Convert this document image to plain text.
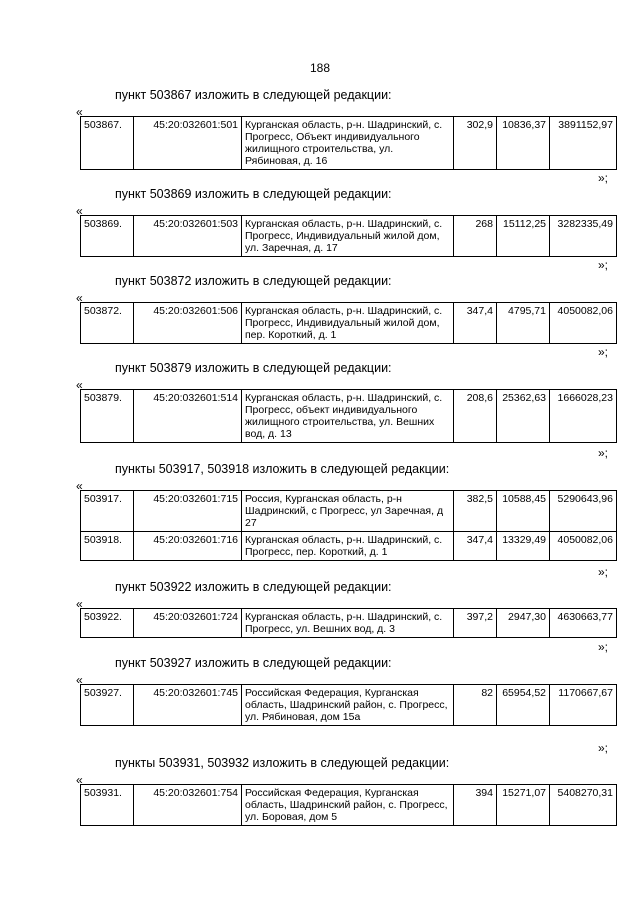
188
пункт 503867 изложить в следующей редакции:
«
503867.	45:20:032601:501	Курганская область, р-н. Шадринский, с. Прогресс, Объект индивидуального жилищного строительства, ул. Рябиновая, д. 16	302,9	10836,37	3891152,97
»;
пункт 503869 изложить в следующей редакции:
«
503869.	45:20:032601:503	Курганская область, р-н. Шадринский, с. Прогресс, Индивидуальный жилой дом, ул. Заречная, д. 17	268	15112,25	3282335,49
»;
пункт 503872 изложить в следующей редакции:
«
503872.	45:20:032601:506	Курганская область, р-н. Шадринский, с. Прогресс, Индивидуальный жилой дом, пер. Короткий, д. 1	347,4	4795,71	4050082,06
»;
пункт 503879 изложить в следующей редакции:
«
503879.	45:20:032601:514	Курганская область, р-н. Шадринский, с. Прогресс, объект индивидуального жилищного строительства, ул. Вешних вод, д. 13	208,6	25362,63	1666028,23
»;
пункты 503917, 503918 изложить в следующей редакции:
«
503917.	45:20:032601:715	Россия, Курганская область, р-н Шадринский, с Прогресс, ул Заречная, д 27	382,5	10588,45	5290643,96
503918.	45:20:032601:716	Курганская область, р-н. Шадринский, с. Прогресс, пер. Короткий, д. 1	347,4	13329,49	4050082,06
»;
пункт 503922 изложить в следующей редакции:
«
503922.	45:20:032601:724	Курганская область, р-н. Шадринский, с. Прогресс, ул. Вешних вод, д. 3	397,2	2947,30	4630663,77
»;
пункт 503927 изложить в следующей редакции:
«
503927.	45:20:032601:745	Российская Федерация, Курганская область, Шадринский район, с. Прогресс, ул. Рябиновая, дом 15а	82	65954,52	1170667,67
»;
пункты 503931, 503932 изложить в следующей редакции:
«
503931.	45:20:032601:754	Российская Федерация, Курганская область, Шадринский район, с. Прогресс, ул. Боровая, дом 5	394	15271,07	5408270,31
